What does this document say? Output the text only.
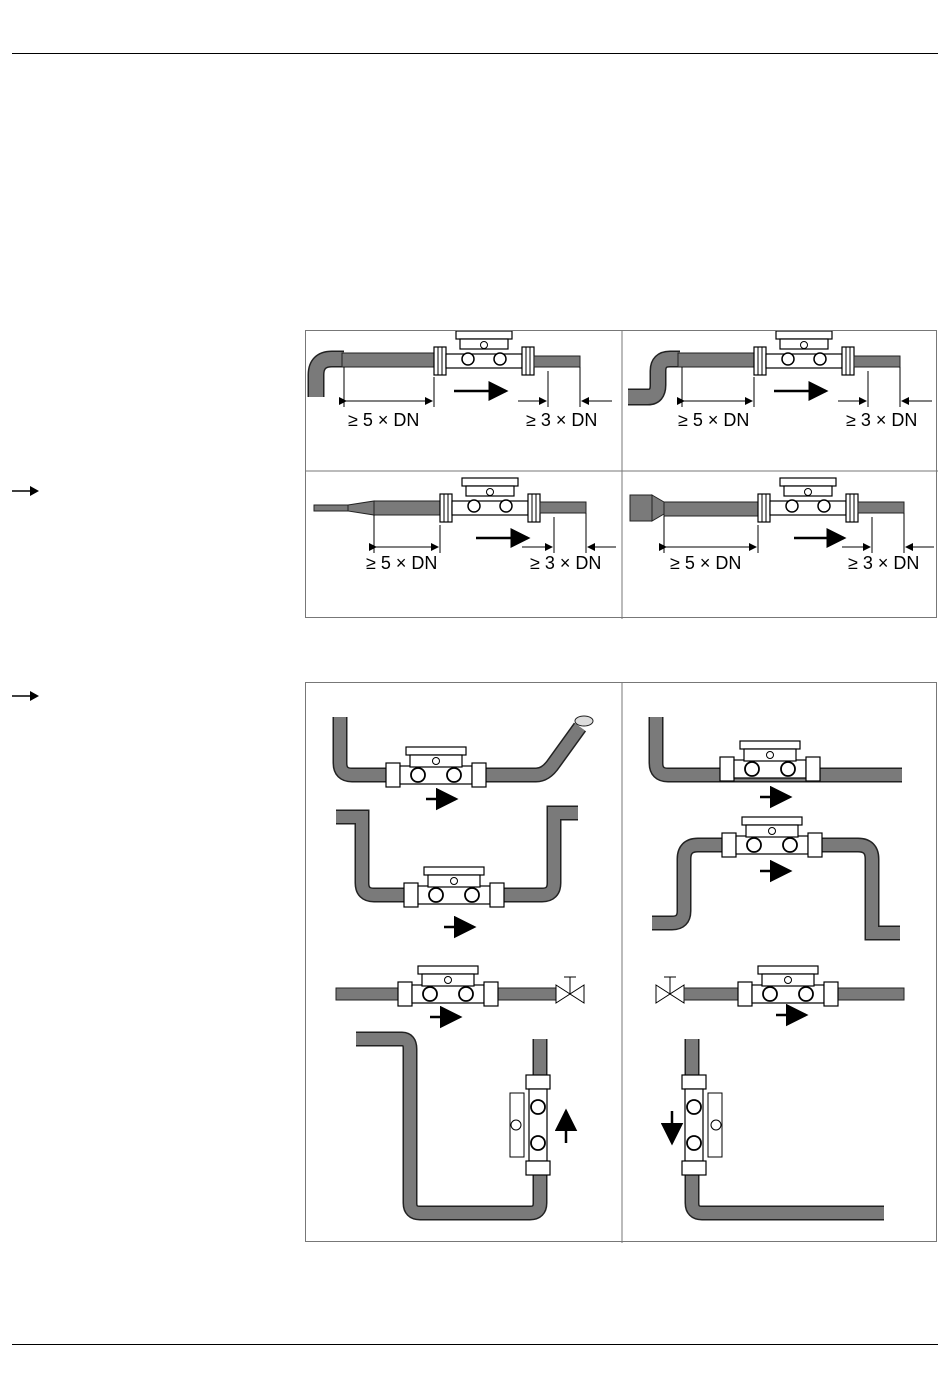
≥ 5 × DN	≥ 3 × DN	≥ 5 × DN	≥ 3 × DN
≥ 5 × DN	≥ 3 × DN	≥ 5 × DN	≥ 3 × DN
